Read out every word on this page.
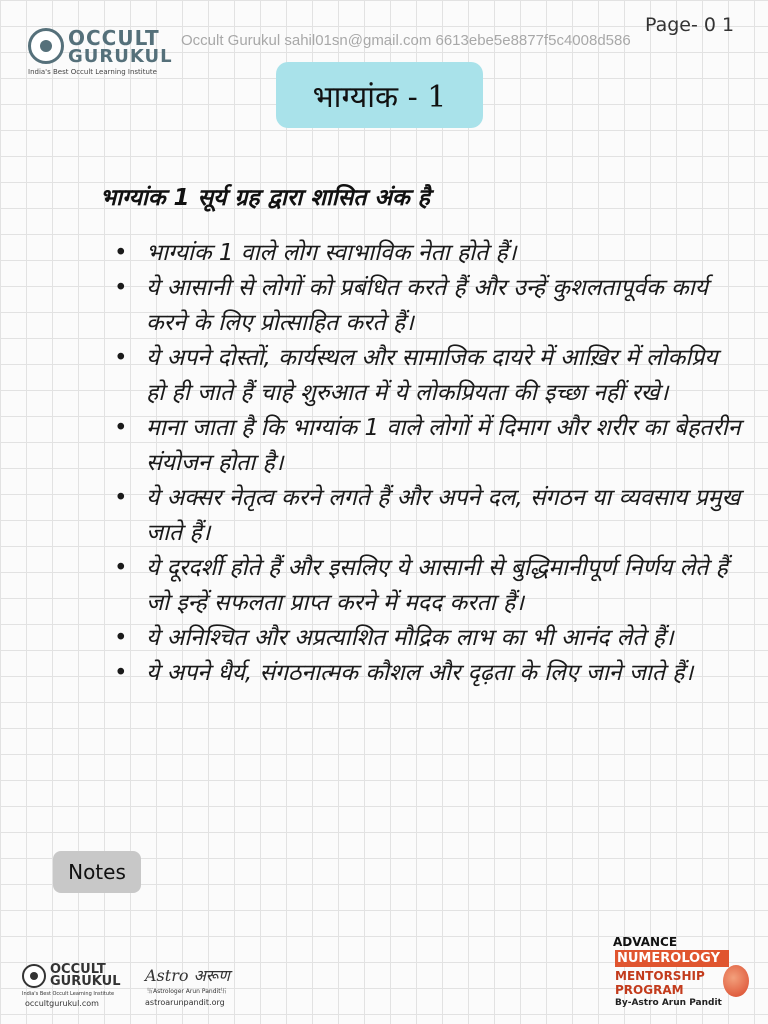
OCCULT
GURUKUL
India's Best Occult Learning Institute
Occult Gurukul sahil01sn@gmail.com 6613ebe5e8877f5c4008d586
Page- 0 1
भाग्यांक - 1
भाग्यांक 1 सूर्य ग्रह द्वारा शासित अंक है
• भाग्यांक 1 वाले लोग स्वाभाविक नेता होते हैं।
• ये आसानी से लोगों को प्रबंधित करते हैं और उन्हें कुशलतापूर्वक कार्य करने के लिए प्रोत्साहित करते हैं।
• ये अपने दोस्तों, कार्यस्थल और सामाजिक दायरे में आख़िर में लोकप्रिय हो ही जाते हैं चाहे शुरुआत में ये लोकप्रियता की इच्छा नहीं रखे।
• माना जाता है कि भाग्यांक 1 वाले लोगों में दिमाग और शरीर का बेहतरीन संयोजन होता है।
• ये अक्सर नेतृत्व करने लगते हैं और अपने दल, संगठन या व्यवसाय प्रमुख जाते हैं।
• ये दूरदर्शी होते हैं और इसलिए ये आसानी से बुद्धिमानीपूर्ण निर्णय लेते हैं जो इन्हें सफलता प्राप्त करने में मदद करता हैं।
• ये अनिश्चित और अप्रत्याशित मौद्रिक लाभ का भी आनंद लेते हैं।
• ये अपने धैर्य, संगठनात्मक कौशल और दृढ़ता के लिए जाने जाते हैं।
Notes
OCCULT
GURUKUL
India's Best Occult Learning Institute
occultgurukul.com
Astro अरूण
卐Astrologer Arun Pandit卐
astroarunpandit.org
ADVANCE
NUMEROLOGY
MENTORSHIP
PROGRAM
By-Astro Arun Pandit
